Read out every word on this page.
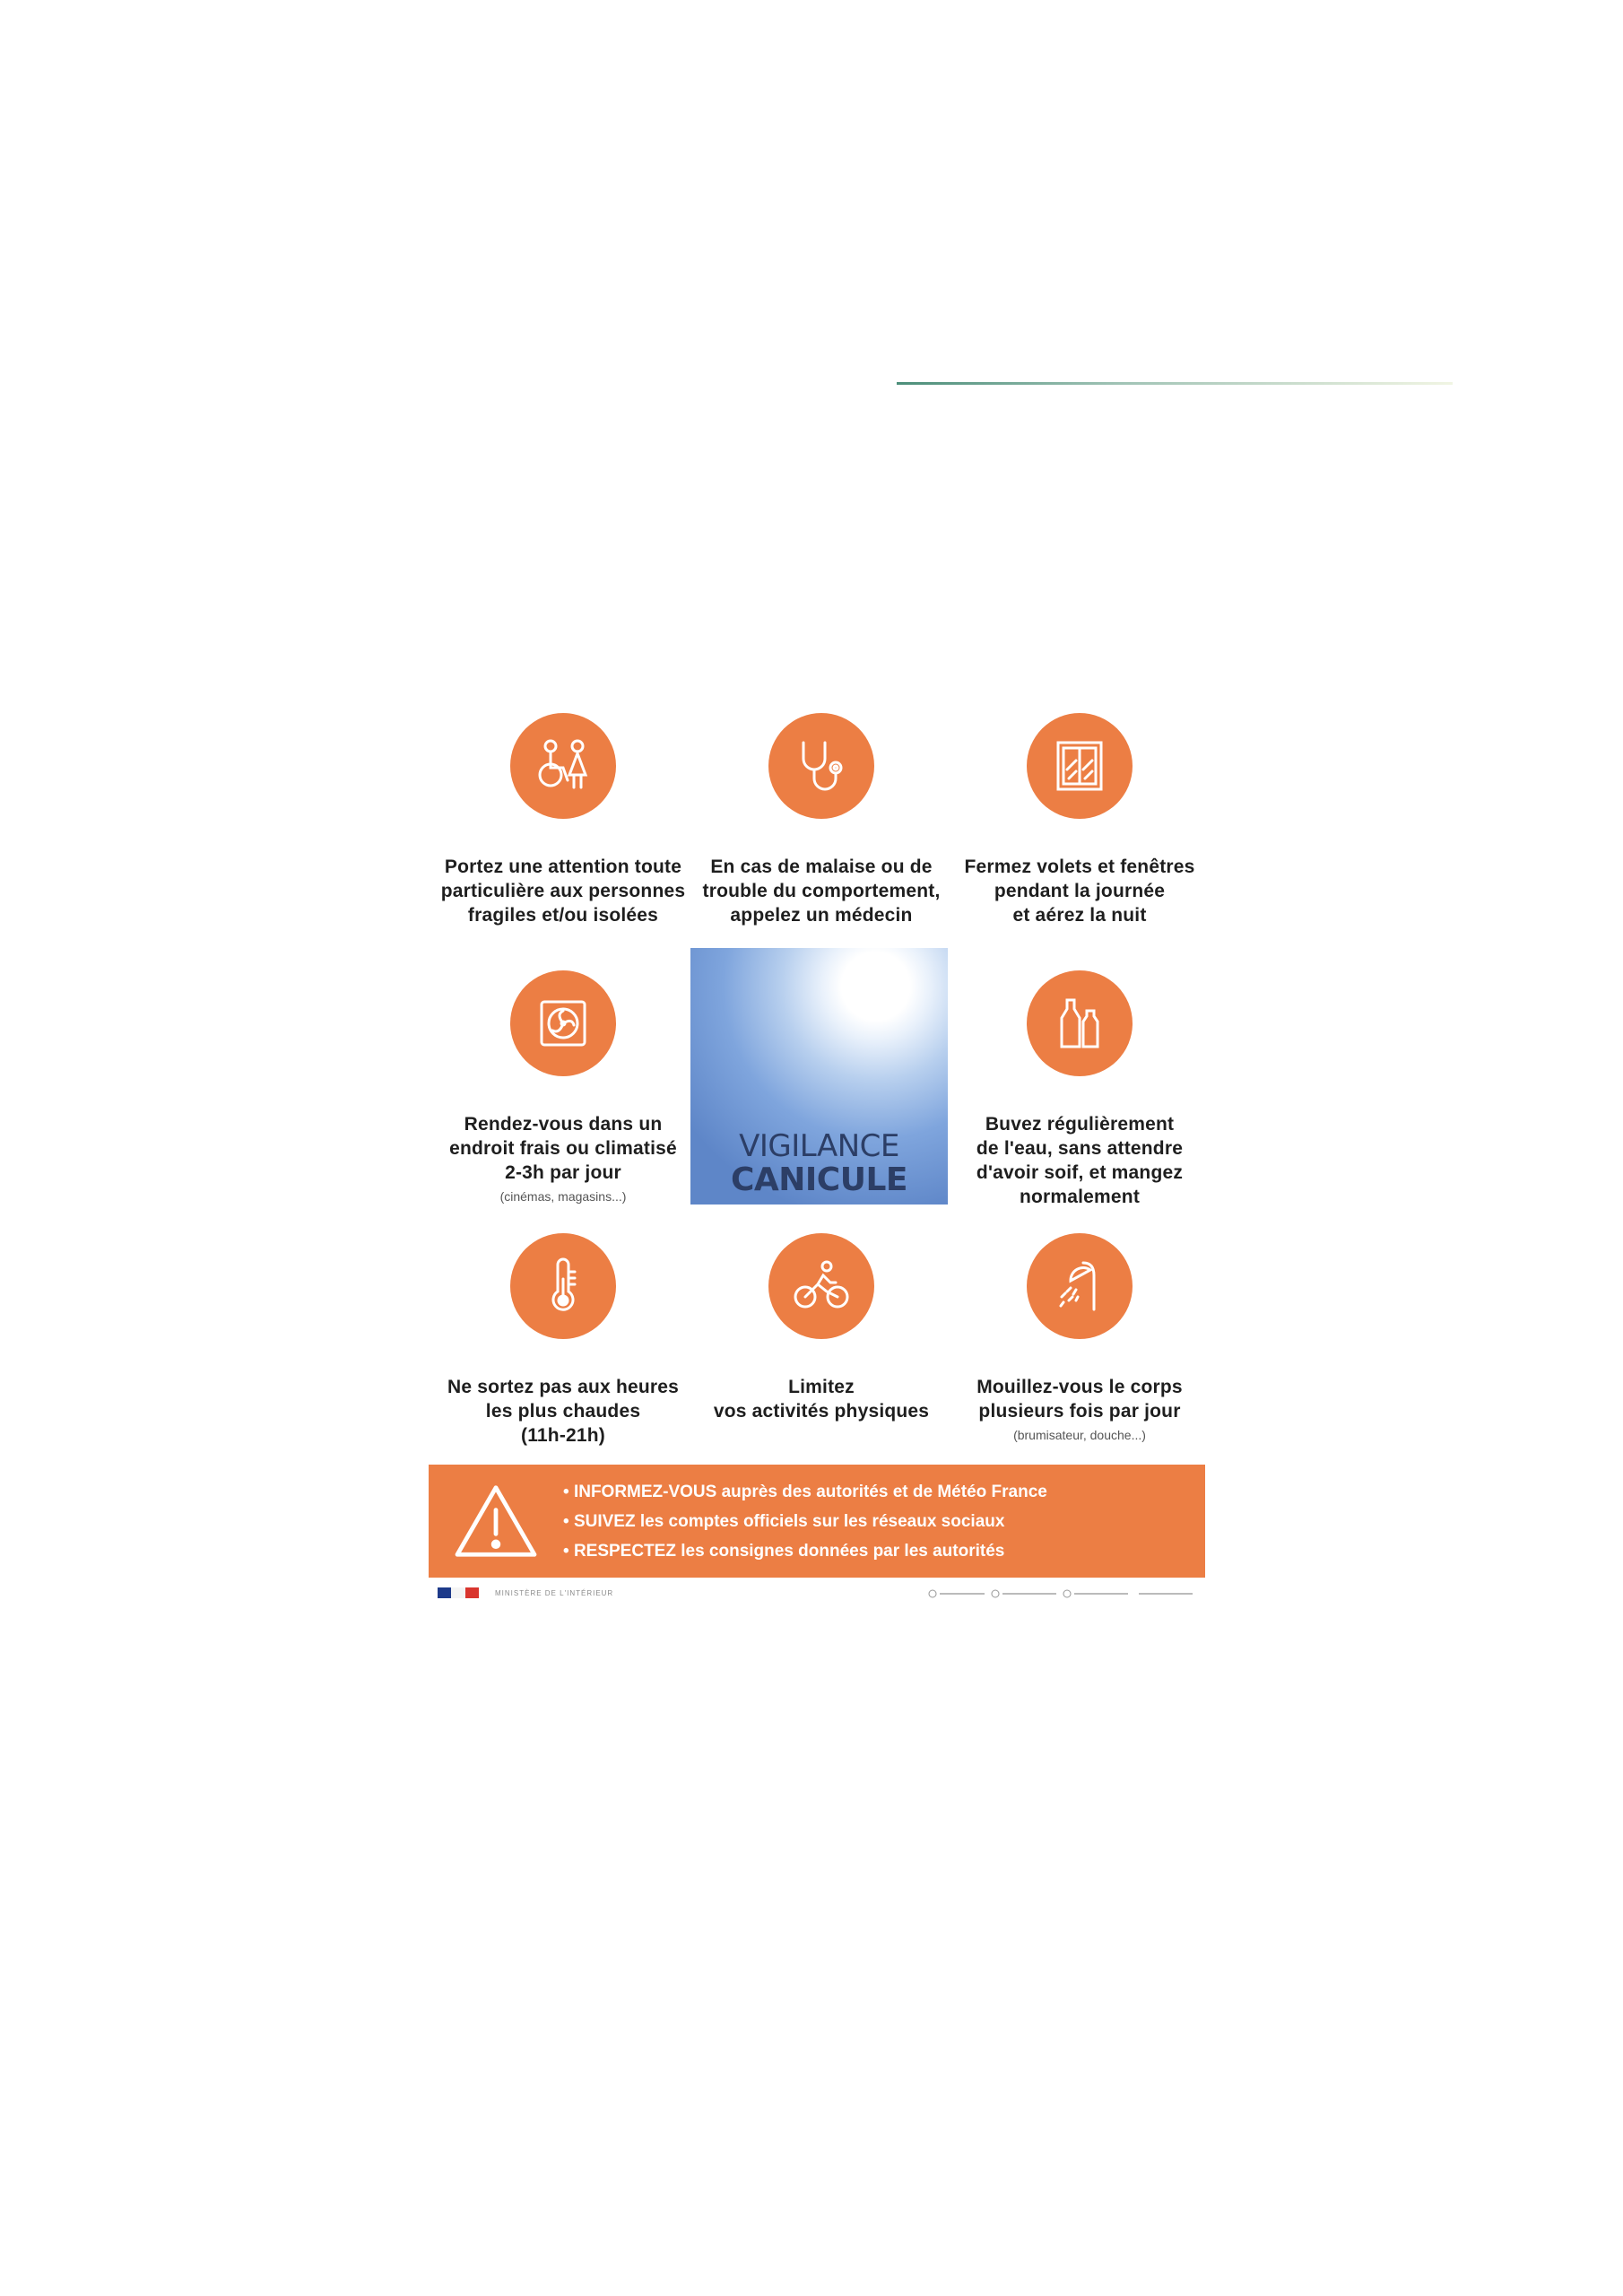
Portez une attention toute
particulière aux personnes
fragiles et/ou isolées
En cas de malaise ou de
trouble du comportement,
appelez un médecin
Fermez volets et fenêtres
pendant la journée
et aérez la nuit
Rendez-vous dans un
endroit frais ou climatisé
2-3h par jour
(cinémas, magasins...)
VIGILANCE
CANICULE
Buvez régulièrement
de l'eau, sans attendre
d'avoir soif, et mangez
normalement
Ne sortez pas aux heures
les plus chaudes
(11h-21h)
Limitez
vos activités physiques
Mouillez-vous le corps
plusieurs fois par jour
(brumisateur, douche...)
• INFORMEZ-VOUS auprès des autorités et de Météo France
• SUIVEZ les comptes officiels sur les réseaux sociaux
• RESPECTEZ les consignes données par les autorités
MINISTÈRE DE L'INTÉRIEUR
